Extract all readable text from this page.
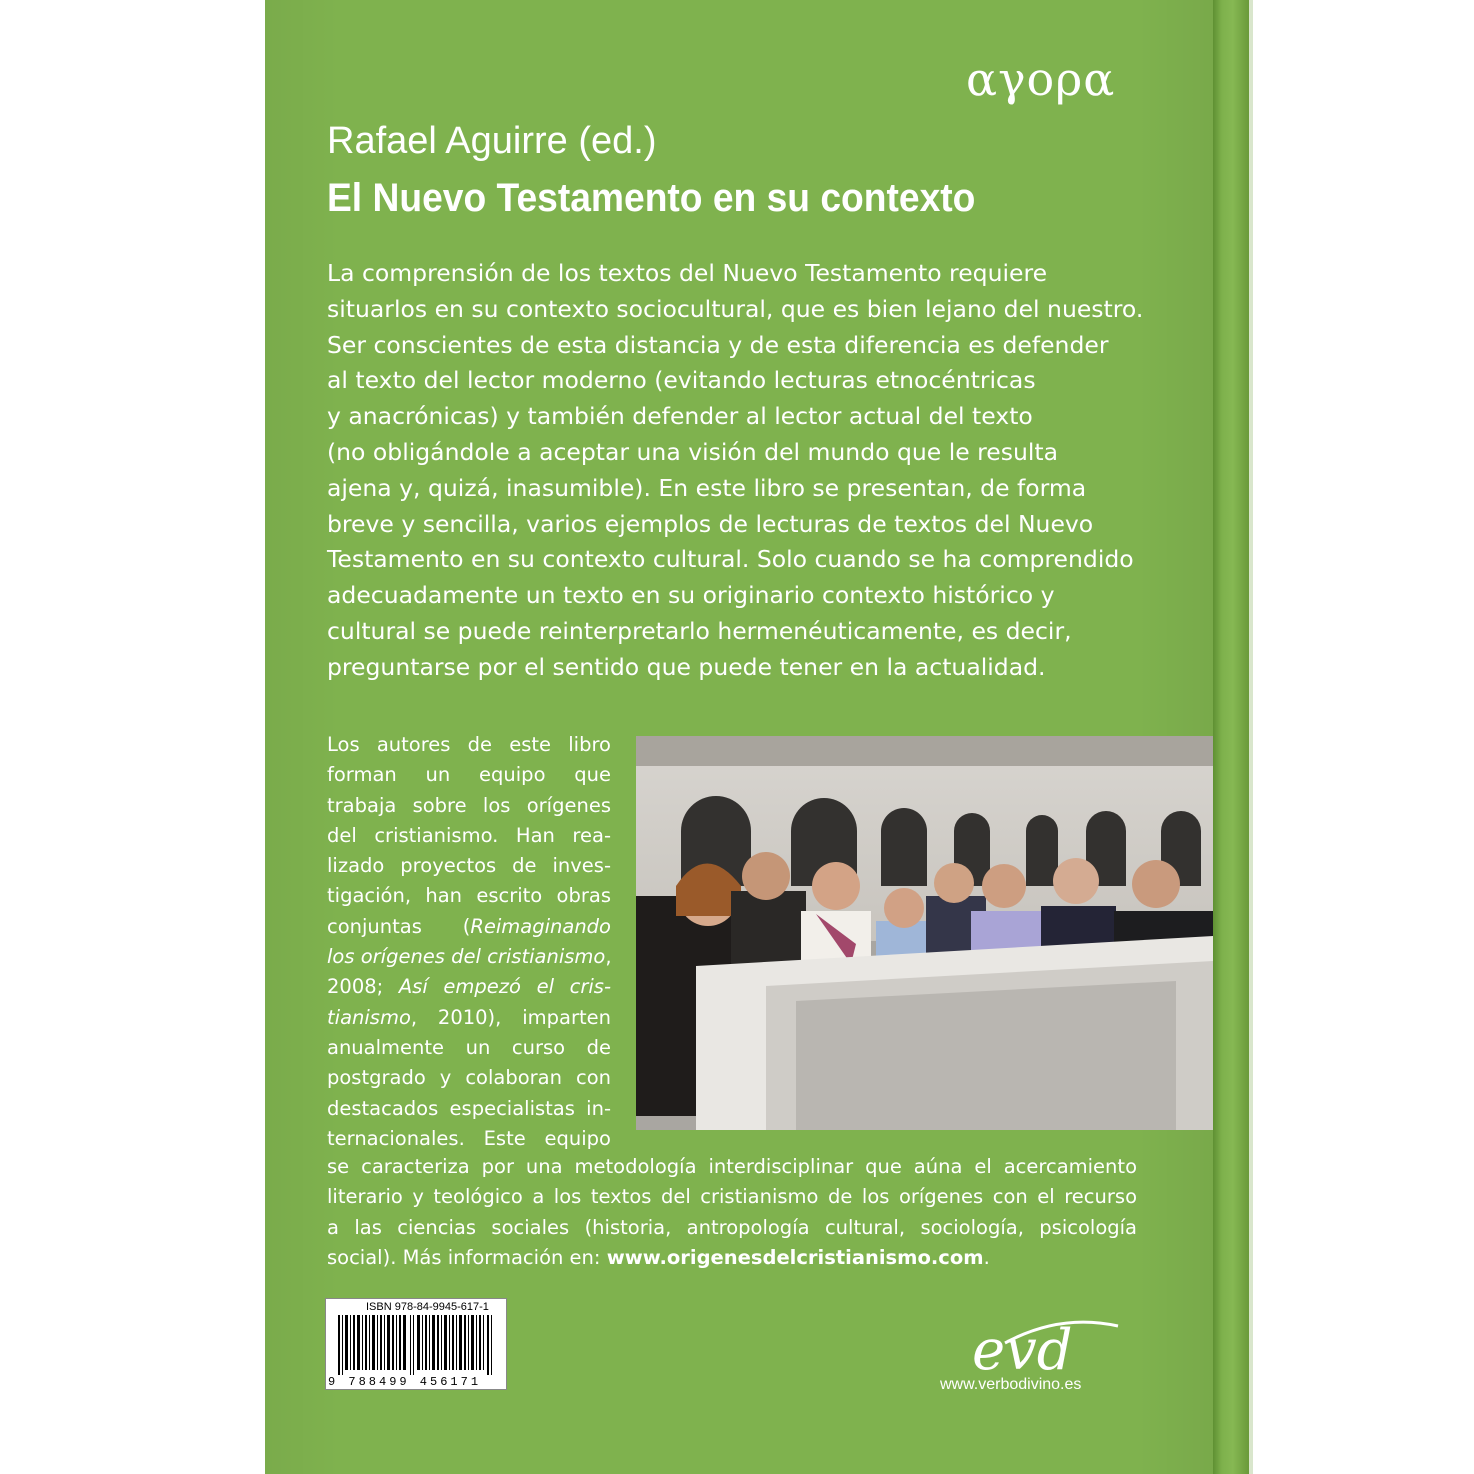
αγορα
Rafael Aguirre (ed.)
El Nuevo Testamento en su contexto
La comprensión de los textos del Nuevo Testamento requiere
situarlos en su contexto sociocultural, que es bien lejano del nuestro.
Ser conscientes de esta distancia y de esta diferencia es defender
al texto del lector moderno (evitando lecturas etnocéntricas
y anacrónicas) y también defender al lector actual del texto
(no obligándole a aceptar una visión del mundo que le resulta
ajena y, quizá, inasumible). En este libro se presentan, de forma
breve y sencilla, varios ejemplos de lecturas de textos del Nuevo
Testamento en su contexto cultural. Solo cuando se ha comprendido
adecuadamente un texto en su originario contexto histórico y
cultural se puede reinterpretarlo hermenéuticamente, es decir,
preguntarse por el sentido que puede tener en la actualidad.
Los autores de este libro
forman un equipo que
trabaja sobre los orígenes
del cristianismo. Han rea-
lizado proyectos de inves-
tigación, han escrito obras
conjuntas (Reimaginando
los orígenes del cristianismo,
2008; Así empezó el cris-
tianismo, 2010), imparten
anualmente un curso de
postgrado y colaboran con
destacados especialistas in-
ternacionales. Este equipo
se caracteriza por una metodología interdisciplinar que aúna el acercamiento
literario y teológico a los textos del cristianismo de los orígenes con el recurso
a las ciencias sociales (historia, antropología cultural, sociología, psicología
social). Más información en: www.origenesdelcristianismo.com.
ISBN 978-84-9945-617-1
9 788499 456171	evd
www.verbodivino.es
